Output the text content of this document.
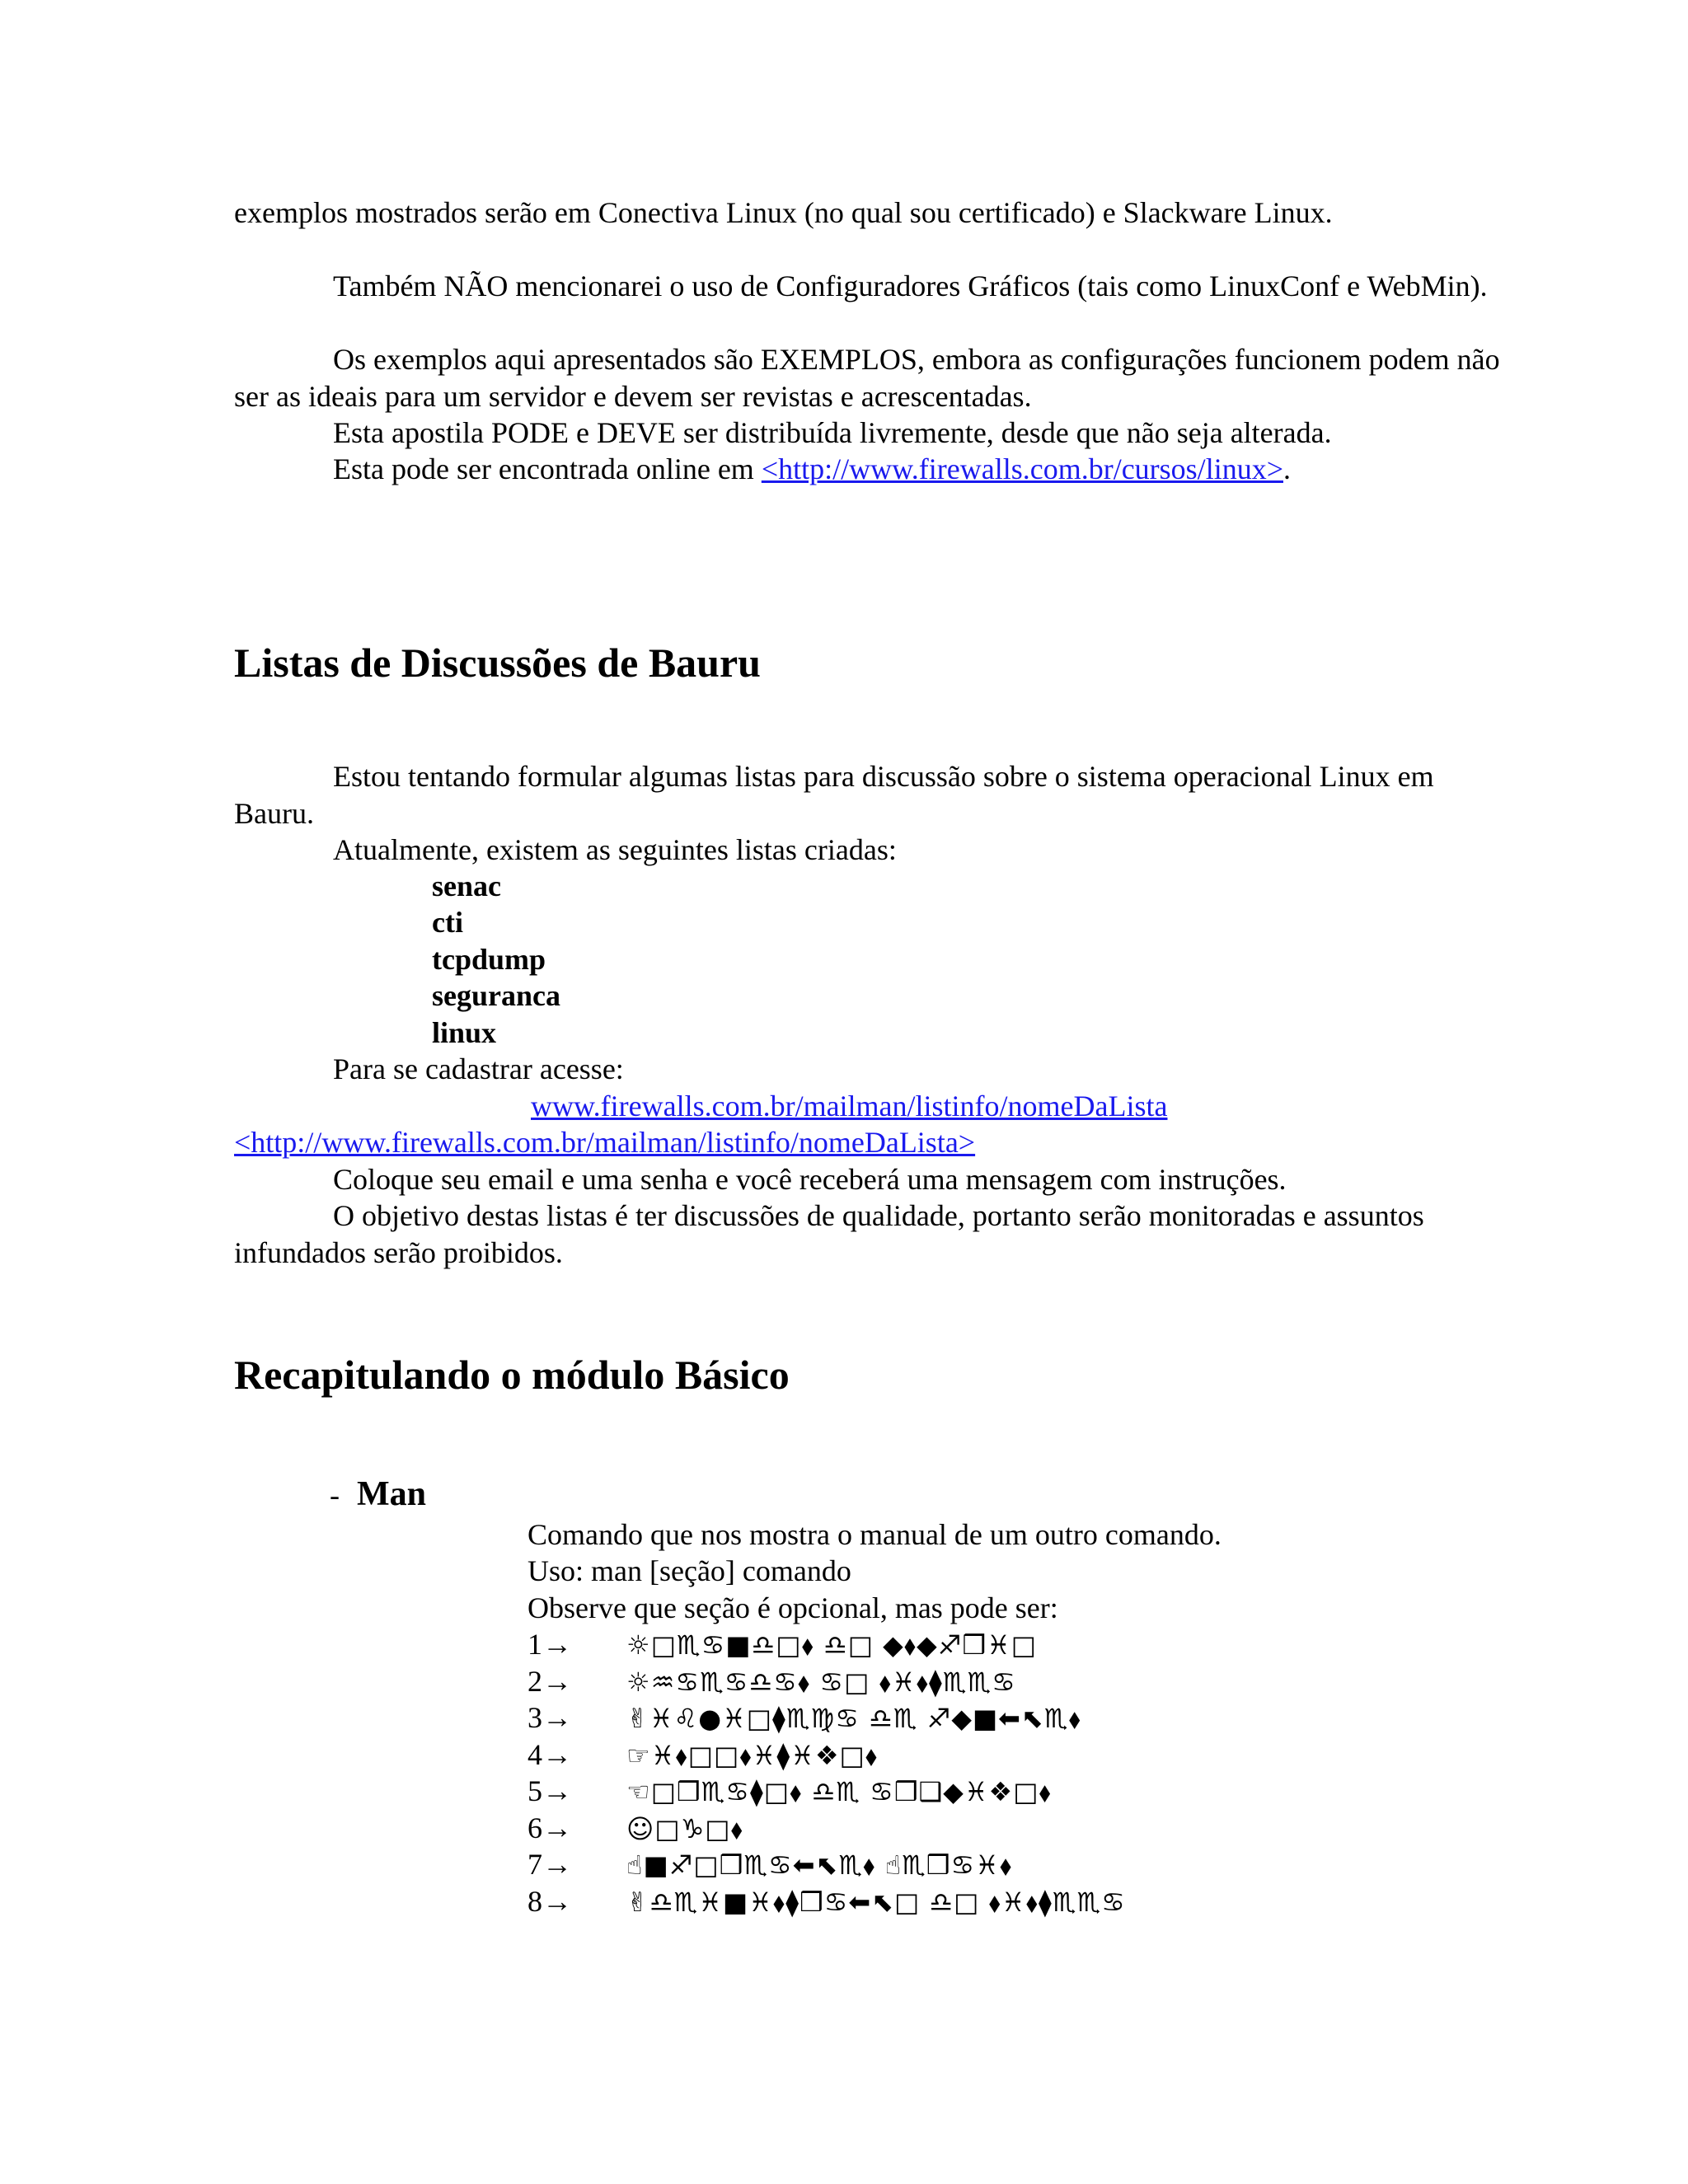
exemplos mostrados serão em Conectiva Linux (no qual sou certificado) e Slackware Linux.

Também NÃO mencionarei o uso de Configuradores Gráficos (tais como LinuxConf e WebMin).

Os exemplos aqui apresentados são EXEMPLOS, embora as configurações funcionem podem não ser as ideais para um servidor e devem ser revistas e acrescentadas.

Esta apostila PODE e DEVE ser distribuída livremente, desde que não seja alterada.

Esta pode ser encontrada online em <http://www.firewalls.com.br/cursos/linux>.

Listas de Discussões de Bauru

Estou tentando formular algumas listas para discussão sobre o sistema operacional Linux em Bauru.

Atualmente, existem as seguintes listas criadas:

senac

cti

tcpdump

seguranca

linux

Para se cadastrar acesse:

www.firewalls.com.br/mailman/listinfo/nomeDaLista

<http://www.firewalls.com.br/mailman/listinfo/nomeDaLista>

Coloque seu email e uma senha e você receberá uma mensagem com instruções.

O objetivo destas listas é ter discussões de qualidade, portanto serão monitoradas e assuntos infundados serão proibidos.

Recapitulando o módulo Básico
- Man

Comando que nos mostra o manual de um outro comando.

Uso: man [seção] comando

Observe que seção é opcional, mas pode ser:

1→ ☼□♏♋■♎□⬧ ♎□ ◆⬧◆♐❒♓□
2→ ☼♒♋♏♋♎♋⬧ ♋□ ⬧♓⬧⧫♏♏♋
3→ ✌♓♌●♓□⧫♏♍♋ ♎♏ ♐◆■⬅⬉♏⬧
4→ ☞♓⬧□□⬧♓⧫♓❖□⬧
5→ ☜□❒♏♋⧫□⬧ ♎♏ ♋❒❑◆♓❖□⬧
6→ ☺□♑□⬧
7→ ☝■♐□❒♏♋⬅⬉♏⬧ ☝♏❒♋♓⬧
8→ ✌♎♏♓■♓⬧⧫❒♋⬅⬉□ ♎□ ⬧♓⬧⧫♏♏♋
